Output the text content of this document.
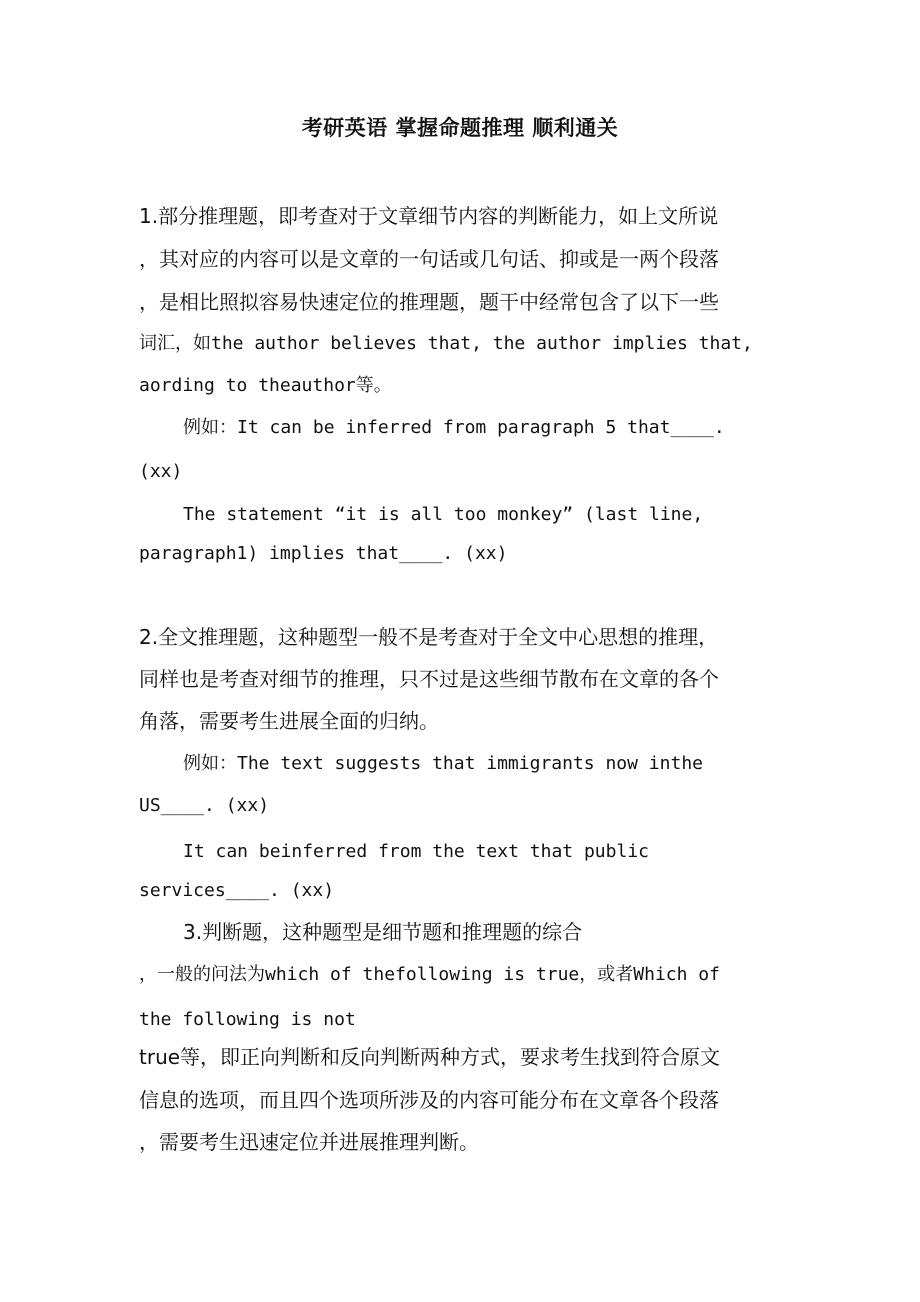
考研英语 掌握命题推理 顺利通关
1.部分推理题，即考查对于文章细节内容的判断能力，如上文所说
，其对应的内容可以是文章的一句话或几句话、抑或是一两个段落
，是相比照拟容易快速定位的推理题，题干中经常包含了以下一些
词汇，如the author believes that, the author implies that,
aording to theauthor等。
例如：It can be inferred from paragraph 5 that____.
(xx)
The statement “it is all too monkey” (last line,
paragraph1) implies that____. (xx)
2.全文推理题，这种题型一般不是考查对于全文中心思想的推理，
同样也是考查对细节的推理，只不过是这些细节散布在文章的各个
角落，需要考生进展全面的归纳。
例如：The text suggests that immigrants now inthe
US____. (xx)
It can beinferred from the text that public
services____. (xx)
3.判断题，这种题型是细节题和推理题的综合
，一般的问法为which of thefollowing is true，或者Which of
the following is not
true等，即正向判断和反向判断两种方式，要求考生找到符合原文
信息的选项，而且四个选项所涉及的内容可能分布在文章各个段落
，需要考生迅速定位并进展推理判断。
